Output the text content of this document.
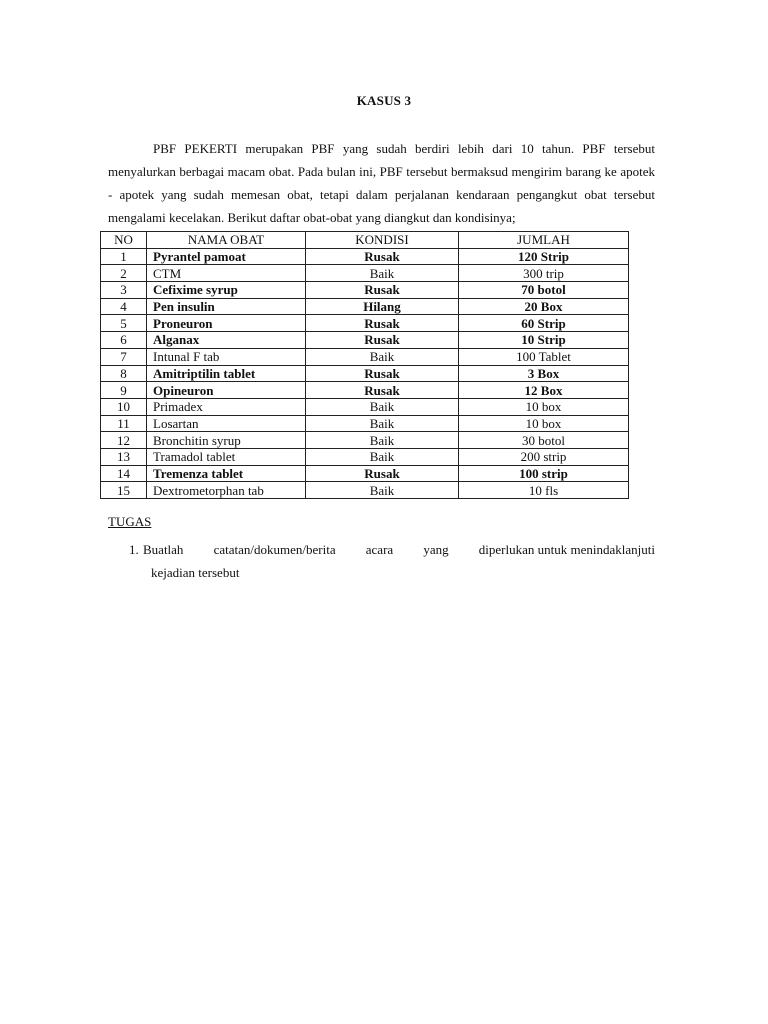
KASUS 3

PBF PEKERTI merupakan PBF yang sudah berdiri lebih dari 10 tahun. PBF tersebut menyalurkan berbagai macam obat. Pada bulan ini, PBF tersebut bermaksud mengirim barang ke apotek - apotek yang sudah memesan obat, tetapi dalam perjalanan kendaraan pengangkut obat tersebut mengalami kecelakan. Berikut daftar obat-obat yang diangkut dan kondisinya;

NO	NAMA OBAT	KONDISI	JUMLAH
1	Pyrantel pamoat	Rusak	120 Strip
2	CTM	Baik	300 trip
3	Cefixime syrup	Rusak	70 botol
4	Pen insulin	Hilang	20 Box
5	Proneuron	Rusak	60 Strip
6	Alganax	Rusak	10 Strip
7	Intunal F tab	Baik	100 Tablet
8	Amitriptilin tablet	Rusak	3 Box
9	Opineuron	Rusak	12 Box
10	Primadex	Baik	10 box
11	Losartan	Baik	10 box
12	Bronchitin syrup	Baik	30 botol
13	Tramadol tablet	Baik	200 strip
14	Tremenza tablet	Rusak	100 strip
15	Dextrometorphan tab	Baik	10 fls
TUGAS
1. Buatlah catatan/dokumen/berita acara yang diperlukan untuk menindaklanjuti
kejadian tersebut
